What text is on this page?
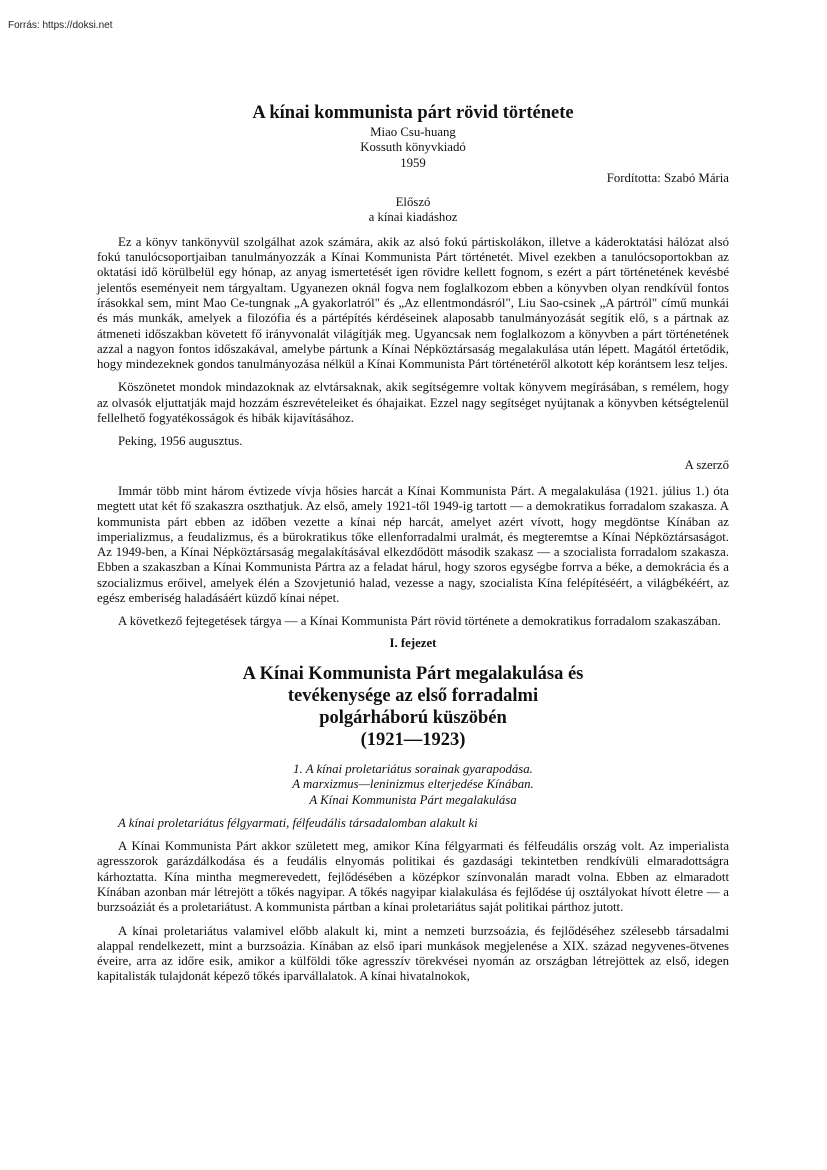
Forrás: https://doksi.net
A kínai kommunista párt rövid története
Miao Csu-huang
Kossuth könyvkiadó
1959
Fordította: Szabó Mária
Előszó
a kínai kiadáshoz

Ez a könyv tankönyvül szolgálhat azok számára, akik az alsó fokú pártiskolákon, illetve a káderoktatási hálózat alsó fokú tanulócsoportjaiban tanulmányozzák a Kínai Kommunista Párt történetét. Mivel ezekben a tanulócsoportokban az oktatási idő körülbelül egy hónap, az anyag ismertetését igen rövidre kellett fognom, s ezért a párt történetének kevésbé jelentős eseményeit nem tárgyaltam. Ugyanezen oknál fogva nem foglalkozom ebben a könyvben olyan rendkívül fontos írásokkal sem, mint Mao Ce-tungnak „A gyakorlatról" és „Az ellentmondásról", Liu Sao-csinek „A pártról" című munkái és más munkák, amelyek a filozófia és a pártépítés kérdéseinek alaposabb tanulmányozását segítik elő, s a pártnak az átmeneti időszakban követett fő irányvonalát világítják meg. Ugyancsak nem foglalkozom a könyvben a párt történetének azzal a nagyon fontos időszakával, amelybe pártunk a Kínai Népköztársaság megalakulása után lépett. Magától értetődik, hogy mindezeknek gondos tanulmányozása nélkül a Kínai Kommunista Párt történetéről alkotott kép korántsem lesz teljes.

Köszönetet mondok mindazoknak az elvtársaknak, akik segítségemre voltak könyvem megírásában, s remélem, hogy az olvasók eljuttatják majd hozzám észrevételeiket és óhajaikat. Ezzel nagy segítséget nyújtanak a könyvben kétségtelenül fellelhető fogyatékosságok és hibák kijavításához.

Peking, 1956 augusztus.

A szerző

Immár több mint három évtizede vívja hősies harcát a Kínai Kommunista Párt. A megalakulása (1921. július 1.) óta megtett utat két fő szakaszra oszthatjuk. Az első, amely 1921-től 1949-ig tartott — a demokratikus forradalom szakasza. A kommunista párt ebben az időben vezette a kínai nép harcát, amelyet azért vívott, hogy megdöntse Kínában az imperializmus, a feudalizmus, és a bürokratikus tőke ellenforradalmi uralmát, és megteremtse a Kínai Népköztársaságot. Az 1949-ben, a Kínai Népköztársaság megalakításával elkezdődött második szakasz — a szocialista forradalom szakasza. Ebben a szakaszban a Kínai Kommunista Pártra az a feladat hárul, hogy szoros egységbe forrva a béke, a demokrácia és a szocializmus erőivel, amelyek élén a Szovjetunió halad, vezesse a nagy, szocialista Kína felépítéséért, a világbékéért, az egész emberiség haladásáért küzdő kínai népet.

A következő fejtegetések tárgya — a Kínai Kommunista Párt rövid története a demokratikus forradalom szakaszában.

I. fejezet
A Kínai Kommunista Párt megalakulása és
tevékenysége az első forradalmi
polgárháború küszöbén
(1921—1923)
1. A kínai proletariátus sorainak gyarapodása.
A marxizmus—leninizmus elterjedése Kínában.
A Kínai Kommunista Párt megalakulása
A kínai proletariátus félgyarmati, félfeudális társadalomban alakult ki

A Kínai Kommunista Párt akkor született meg, amikor Kína félgyarmati és félfeudális ország volt. Az imperialista agresszorok garázdálkodása és a feudális elnyomás politikai és gazdasági tekintetben rendkívüli elmaradottságra kárhoztatta. Kína mintha megmerevedett, fejlődésében a középkor színvonalán maradt volna. Ebben az elmaradott Kínában azonban már létrejött a tőkés nagyipar. A tőkés nagyipar kialakulása és fejlődése új osztályokat hívott életre — a burzsoáziát és a proletariátust. A kommunista pártban a kínai proletariátus saját politikai párthoz jutott.

A kínai proletariátus valamivel előbb alakult ki, mint a nemzeti burzsoázia, és fejlődéséhez szélesebb társadalmi alappal rendelkezett, mint a burzsoázia. Kínában az első ipari munkások megjelenése a XIX. század negyvenes-ötvenes éveire, arra az időre esik, amikor a külföldi tőke agresszív törekvései nyomán az országban létrejöttek az első, idegen kapitalisták tulajdonát képező tőkés iparvállalatok. A kínai hivatalnokok,
